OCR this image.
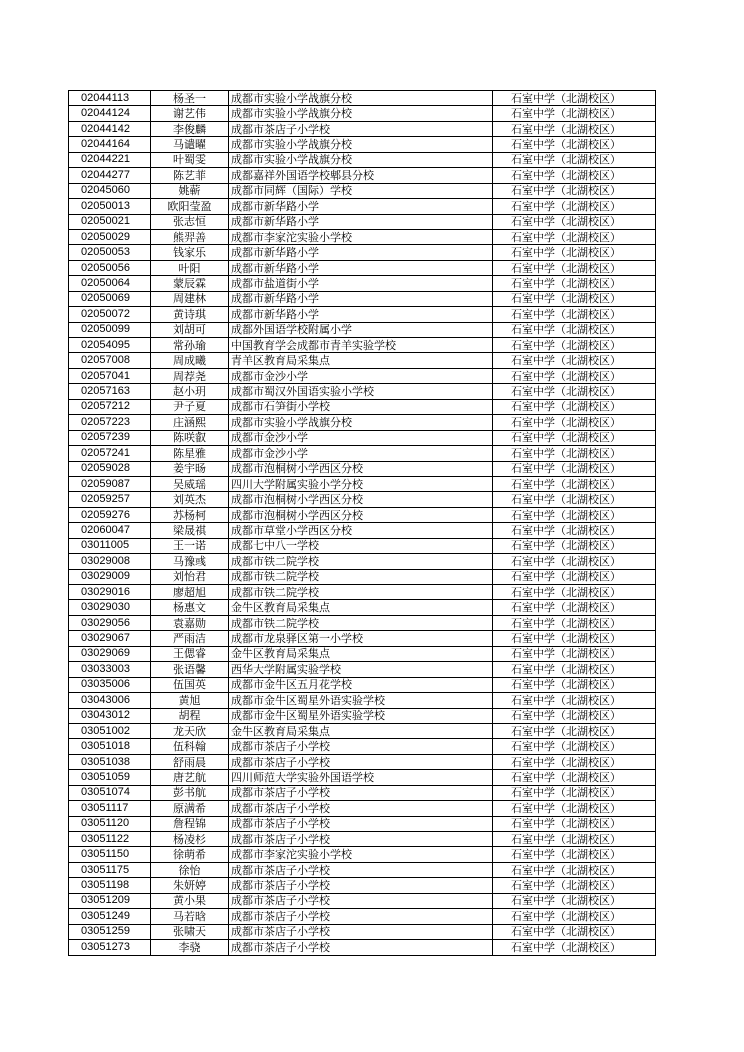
02044113	杨圣一	成都市实验小学战旗分校	石室中学（北湖校区）
02044124	谢艺伟	成都市实验小学战旗分校	石室中学（北湖校区）
02044142	李俊麟	成都市茶店子小学校	石室中学（北湖校区）
02044164	马谴曜	成都市实验小学战旗分校	石室中学（北湖校区）
02044221	叶蜀雯	成都市实验小学战旗分校	石室中学（北湖校区）
02044277	陈艺菲	成都嘉祥外国语学校郫县分校	石室中学（北湖校区）
02045060	姚蕲	成都市同辉（国际）学校	石室中学（北湖校区）
02050013	欧阳莹盈	成都市新华路小学	石室中学（北湖校区）
02050021	张志恒	成都市新华路小学	石室中学（北湖校区）
02050029	熊羿善	成都市李家沱实验小学校	石室中学（北湖校区）
02050053	钱家乐	成都市新华路小学	石室中学（北湖校区）
02050056	叶阳	成都市新华路小学	石室中学（北湖校区）
02050064	蒙辰霖	成都市盐道街小学	石室中学（北湖校区）
02050069	周建林	成都市新华路小学	石室中学（北湖校区）
02050072	黄诗琪	成都市新华路小学	石室中学（北湖校区）
02050099	刘胡可	成都外国语学校附属小学	石室中学（北湖校区）
02054095	常孙瑜	中国教育学会成都市青羊实验学校	石室中学（北湖校区）
02057008	周成曦	青羊区教育局采集点	石室中学（北湖校区）
02057041	周荐尧	成都市金沙小学	石室中学（北湖校区）
02057163	赵小玥	成都市蜀汉外国语实验小学校	石室中学（北湖校区）
02057212	尹子夏	成都市石笋街小学校	石室中学（北湖校区）
02057223	庄涵熙	成都市实验小学战旗分校	石室中学（北湖校区）
02057239	陈咲叡	成都市金沙小学	石室中学（北湖校区）
02057241	陈星雅	成都市金沙小学	石室中学（北湖校区）
02059028	姜宇旸	成都市泡桐树小学西区分校	石室中学（北湖校区）
02059087	吴威瑶	四川大学附属实验小学分校	石室中学（北湖校区）
02059257	刘英杰	成都市泡桐树小学西区分校	石室中学（北湖校区）
02059276	苏杨柯	成都市泡桐树小学西区分校	石室中学（北湖校区）
02060047	梁晟祺	成都市草堂小学西区分校	石室中学（北湖校区）
03011005	王一诺	成都七中八一学校	石室中学（北湖校区）
03029008	马豫彧	成都市铁二院学校	石室中学（北湖校区）
03029009	刘怡君	成都市铁二院学校	石室中学（北湖校区）
03029016	廖超旭	成都市铁二院学校	石室中学（北湖校区）
03029030	杨惠文	金牛区教育局采集点	石室中学（北湖校区）
03029056	袁嘉勋	成都市铁二院学校	石室中学（北湖校区）
03029067	严雨洁	成都市龙泉驿区第一小学校	石室中学（北湖校区）
03029069	王偲睿	金牛区教育局采集点	石室中学（北湖校区）
03033003	张语馨	西华大学附属实验学校	石室中学（北湖校区）
03035006	伍国英	成都市金牛区五月花学校	石室中学（北湖校区）
03043006	黄旭	成都市金牛区蜀星外语实验学校	石室中学（北湖校区）
03043012	胡程	成都市金牛区蜀星外语实验学校	石室中学（北湖校区）
03051002	龙天欣	金牛区教育局采集点	石室中学（北湖校区）
03051018	伍科翰	成都市茶店子小学校	石室中学（北湖校区）
03051038	舒雨晨	成都市茶店子小学校	石室中学（北湖校区）
03051059	唐艺航	四川师范大学实验外国语学校	石室中学（北湖校区）
03051074	彭书航	成都市茶店子小学校	石室中学（北湖校区）
03051117	原满希	成都市茶店子小学校	石室中学（北湖校区）
03051120	詹程锦	成都市茶店子小学校	石室中学（北湖校区）
03051122	杨凌杉	成都市茶店子小学校	石室中学（北湖校区）
03051150	徐萌希	成都市李家沱实验小学校	石室中学（北湖校区）
03051175	徐怡	成都市茶店子小学校	石室中学（北湖校区）
03051198	朱妍婷	成都市茶店子小学校	石室中学（北湖校区）
03051209	黄小果	成都市茶店子小学校	石室中学（北湖校区）
03051249	马若晗	成都市茶店子小学校	石室中学（北湖校区）
03051259	张啸天	成都市茶店子小学校	石室中学（北湖校区）
03051273	李骁	成都市茶店子小学校	石室中学（北湖校区）
